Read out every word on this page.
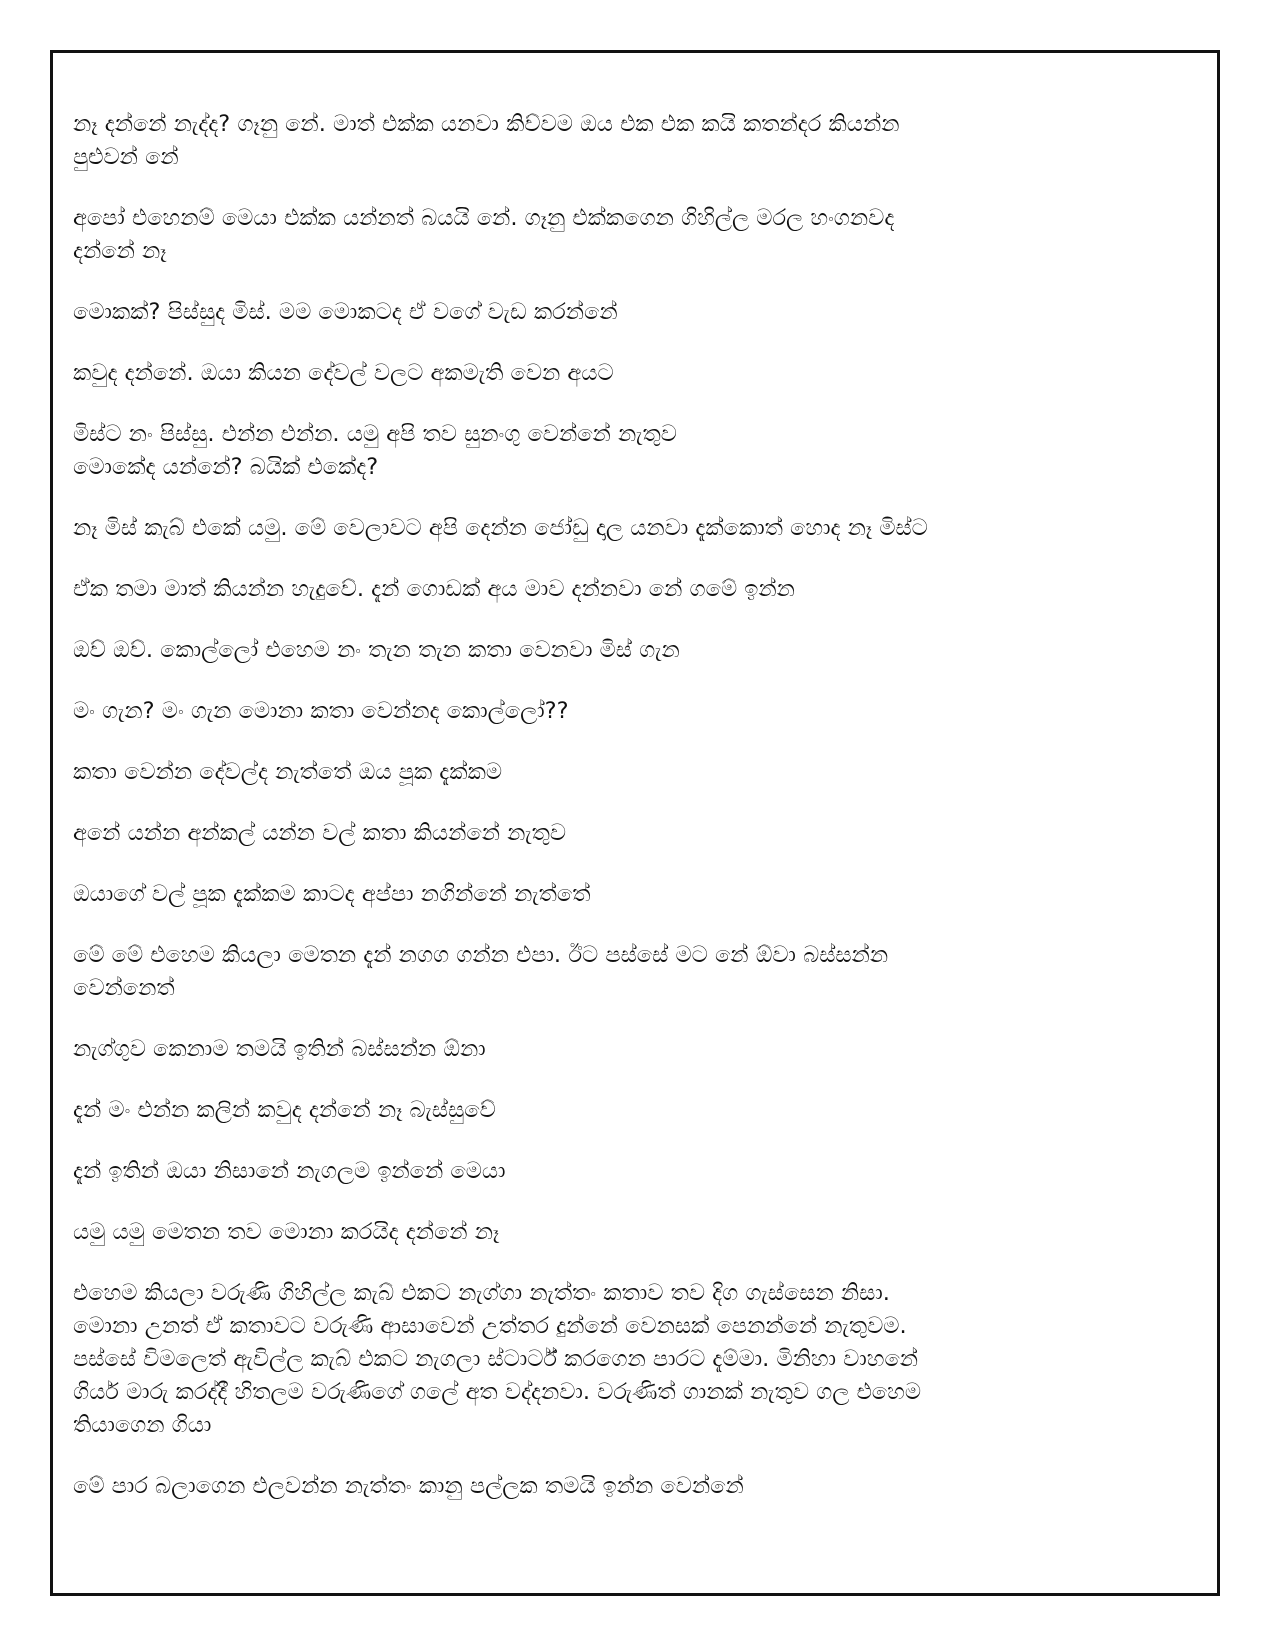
නෑ දන්නේ නැද්ද? ගෑනු නේ. මාත් එක්ක යනවා කිව්වම ඔය එක එක කයි කතන්දර කියන්න
පුළුවන් නේ

අපෝ එහෙනම් මෙයා එක්ක යන්නත් බයයි නේ. ගෑනු එක්කගෙන ගිහිල්ල මරල හංගනවද
දන්නේ නෑ

මොකක්? පිස්සුද මිස්. මම මොකටද ඒ වගේ වැඩ කරන්නේ

කවුද දන්නේ. ඔයා කියන දේවල් වලට අකමැති වෙන අයට

මිස්ට නං පිස්සු. එන්න එන්න. යමු අපි තව සුනංගු වෙන්නේ නැතුව
මොකේද යන්නේ? බයික් එකේද?

නෑ මිස් කැබ් එකේ යමු. මේ වෙලාවට අපි දෙන්න ජෝඩු දාල යනවා දැක්කොත් හොද නෑ මිස්ට

ඒක තමා මාත් කියන්න හැදුවේ. දැන් ගොඩක් අය මාව දන්නවා නේ ගමේ ඉන්න

ඔව් ඔව්. කොල්ලෝ එහෙම නං තැන තැන කතා වෙනවා මිස් ගැන

මං ගැන? මං ගැන මොනා කතා වෙන්නද කොල්ලෝ??

කතා වෙන්න දේවල්ද නැත්තේ ඔය පූක දැක්කම

අනේ යන්න අන්කල් යන්න වල් කතා කියන්නේ නැතුව

ඔයාගේ වල් පූක දැක්කම කාටද අප්පා නගින්නේ නැත්තේ

මේ මේ එහෙම කියලා මෙතන දැන් නගග ගන්න එපා. ඊට පස්සේ මට නේ ඕවා බස්සන්න
වෙන්නෙත්

නැග්ගුව කෙනාම තමයි ඉතින් බස්සන්න ඕනා

දැන් මං එන්න කලින් කවුද දන්නේ නෑ බැස්සුවේ

දැන් ඉතින් ඔයා නිසානේ නැගලම ඉන්නේ මෙයා

යමු යමු මෙතන තව මොනා කරයිද දන්නේ නෑ

එහෙම කියලා වරුණි ගිහිල්ල කැබ් එකට නැග්ගා නැත්තං කතාව තව දිග ගැස්සෙන නිසා.
මොනා උනත් ඒ කතාවට වරුණි ආසාවෙන් උත්තර දුන්නේ වෙනසක් පෙනන්නේ නැතුවම.
පස්සේ විමලෙත් ඇවිල්ල කැබ් එකට නැගලා ස්ටාර්ට් කරගෙන පාරට දැම්මා. මිනිහා වාහනේ
ගියර් මාරු කරද්දී හිතලම වරුණිගේ ගලේ අත වද්දනවා. වරුණිත් ගානක් නැතුව ගල එහෙම
තියාගෙන ගියා

මේ පාර බලාගෙන එලවන්න නැත්තං කානු පල්ලක තමයි ඉන්න වෙන්නේ
